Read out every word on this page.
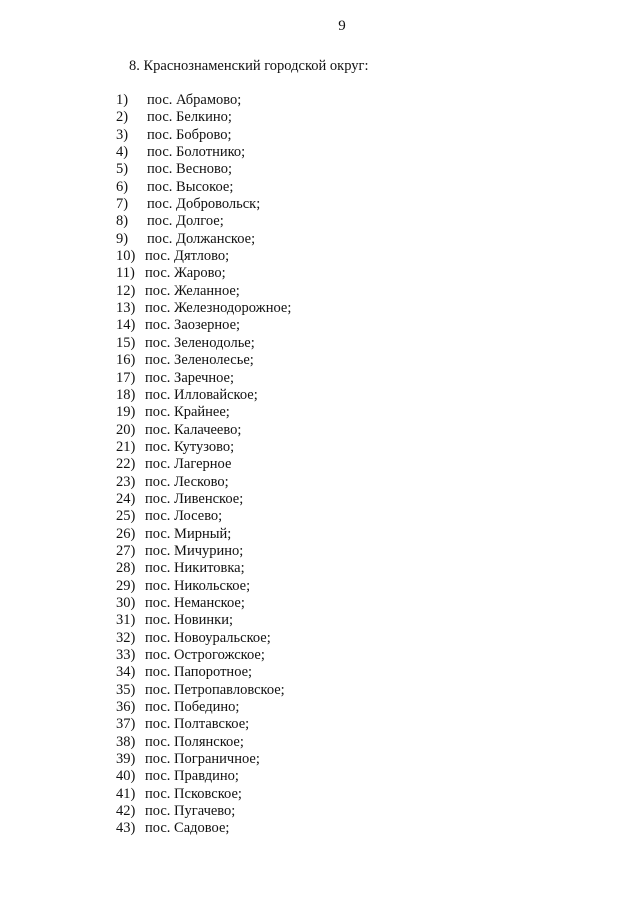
9
8. Краснознаменский городской округ:
1) пос. Абрамово;
2) пос. Белкино;
3) пос. Боброво;
4) пос. Болотнико;
5) пос. Весново;
6) пос. Высокое;
7) пос. Добровольск;
8) пос. Долгое;
9) пос. Должанское;
10) пос. Дятлово;
11) пос. Жарово;
12) пос. Желанное;
13) пос. Железнодорожное;
14) пос. Заозерное;
15) пос. Зеленодолье;
16) пос. Зеленолесье;
17) пос. Заречное;
18) пос. Илловайское;
19) пос. Крайнее;
20) пос. Калачеево;
21) пос. Кутузово;
22) пос. Лагерное
23) пос. Лесково;
24) пос. Ливенское;
25) пос. Лосево;
26) пос. Мирный;
27) пос. Мичурино;
28) пос. Никитовка;
29) пос. Никольское;
30) пос. Неманское;
31) пос. Новинки;
32) пос. Новоуральское;
33) пос. Острогожское;
34) пос. Папоротное;
35) пос. Петропавловское;
36) пос. Победино;
37) пос. Полтавское;
38) пос. Полянское;
39) пос. Пограничное;
40) пос. Правдино;
41) пос. Псковское;
42) пос. Пугачево;
43) пос. Садовое;
